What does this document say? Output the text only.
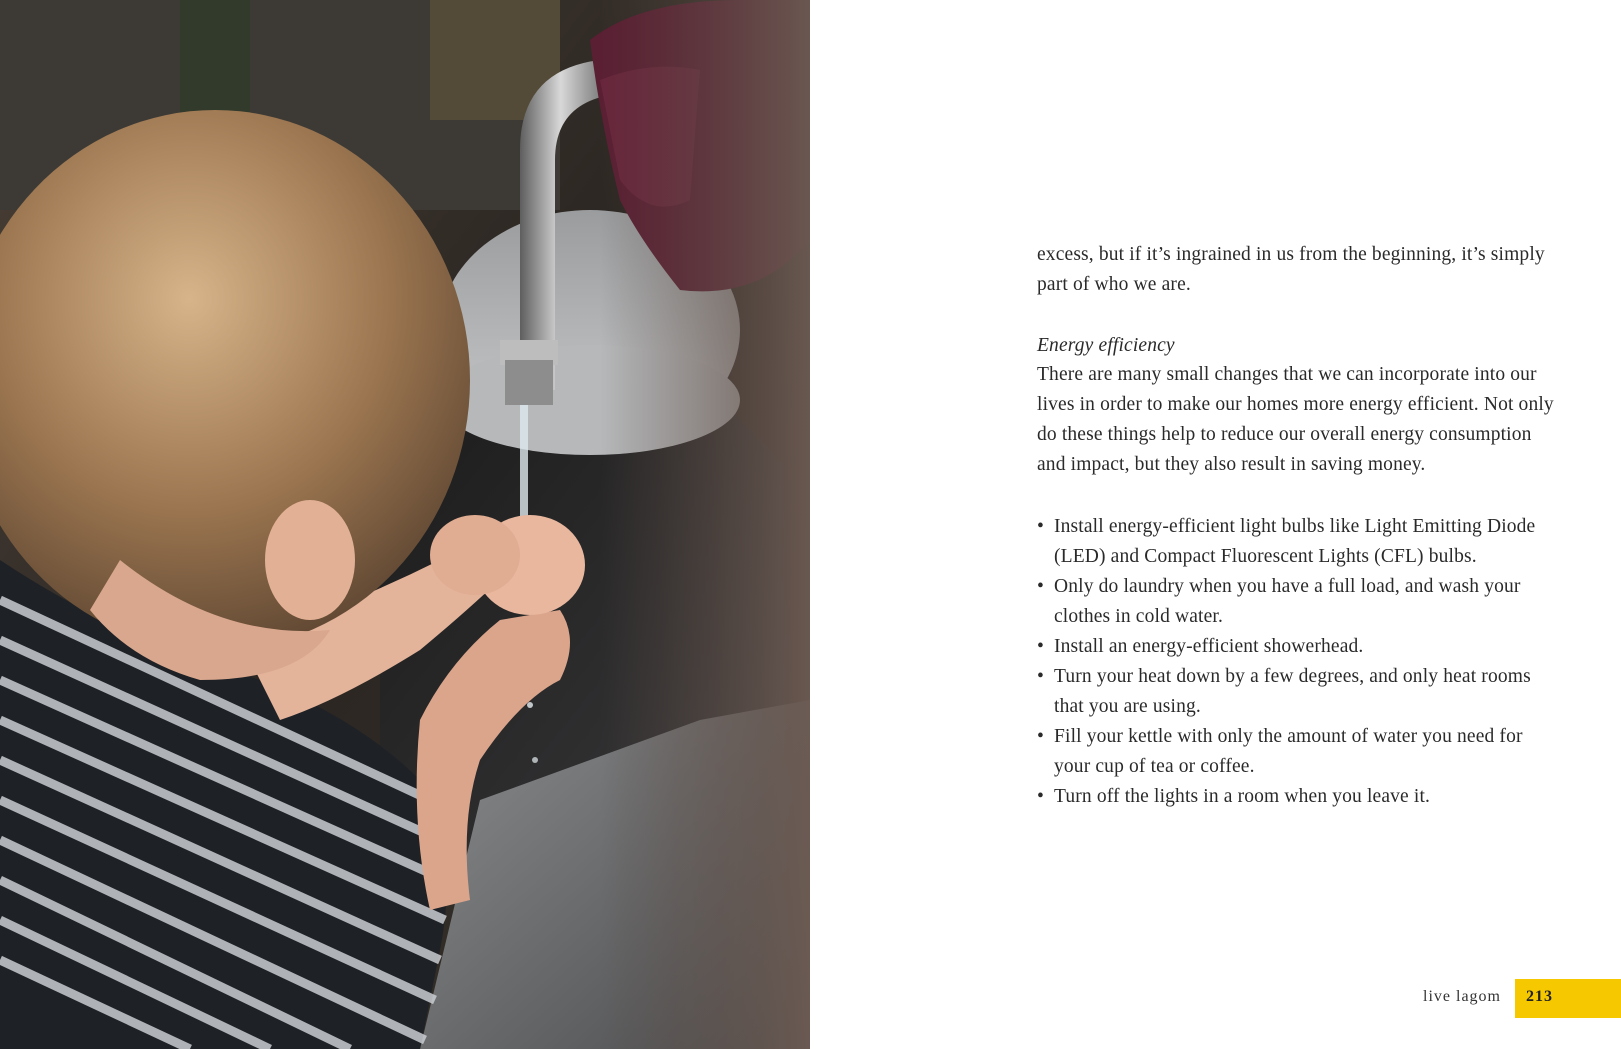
excess, but if it’s ingrained in us from the beginning, it’s simply part of who we are.

Energy efficiency

There are many small changes that we can incorporate into our lives in order to make our homes more energy efficient. Not only do these things help to reduce our overall energy consumption and impact, but they also result in saving money.

• Install energy-efficient light bulbs like Light Emitting Diode (LED) and Compact Fluorescent Lights (CFL) bulbs.
• Only do laundry when you have a full load, and wash your clothes in cold water.
• Install an energy-efficient showerhead.
• Turn your heat down by a few degrees, and only heat rooms that you are using.
• Fill your kettle with only the amount of water you need for your cup of tea or coffee.
• Turn off the lights in a room when you leave it.
live lagom 213
